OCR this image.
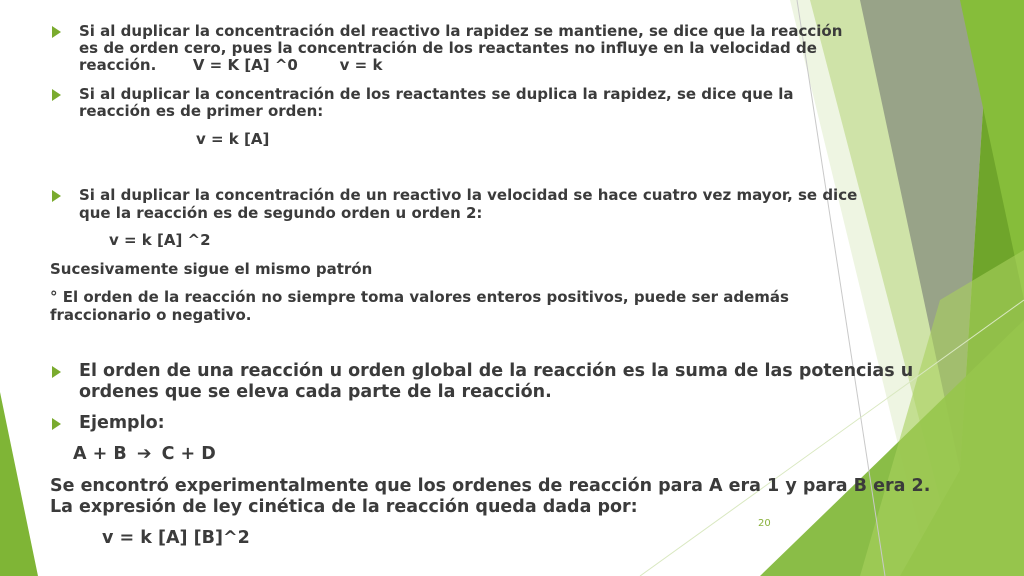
Si al duplicar la concentración del reactivo la rapidez se mantiene, se dice que la reacción
es de orden cero, pues la concentración de los reactantes no influye en la velocidad de
reacción.       V = K [A] ^0        v = k
Si al duplicar la concentración de los reactantes se duplica la rapidez, se dice que la
reacción es de primer orden:
v = k [A]
Si al duplicar la concentración de un reactivo la velocidad se hace cuatro vez mayor, se dice
que la reacción es de segundo orden u orden 2:
v = k [A] ^2
Sucesivamente sigue el mismo patrón
° El orden de la reacción no siempre toma valores enteros positivos, puede ser además
fraccionario o negativo.
El orden de una reacción u orden global de la reacción es la suma de las potencias u
ordenes que se eleva cada parte de la reacción.
Ejemplo:
A + B ➔ C + D
Se encontró experimentalmente que los ordenes de reacción para A era 1 y para B era 2.
La expresión de ley cinética de la reacción queda dada por:
v = k [A] [B]^2
20
